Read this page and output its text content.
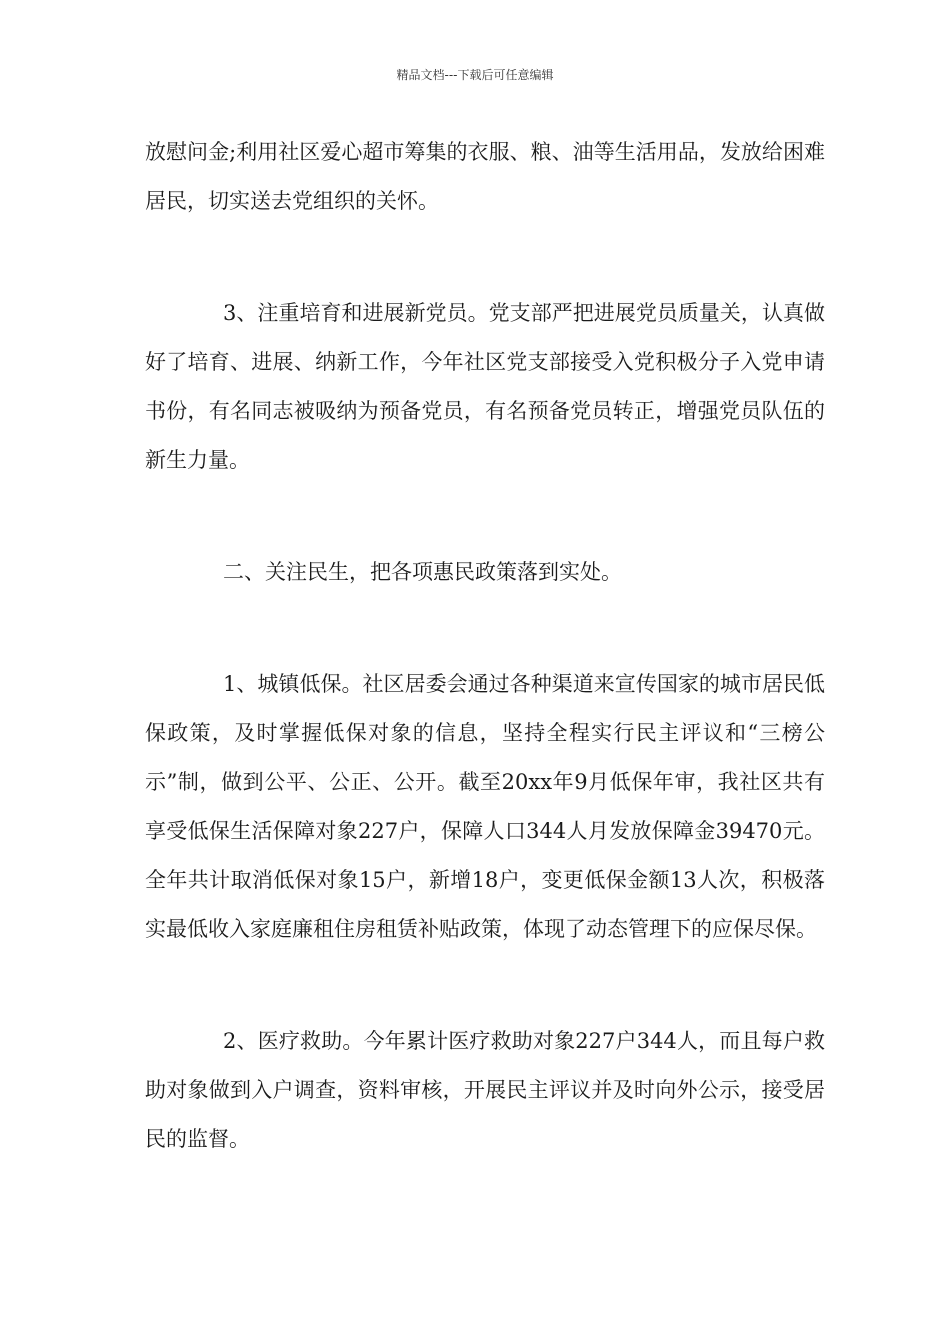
精品文档---下载后可任意编辑

放慰问金;利用社区爱心超市筹集的衣服、粮、油等生活用品，发放给困难居民，切实送去党组织的关怀。

3、注重培育和进展新党员。党支部严把进展党员质量关，认真做好了培育、进展、纳新工作，今年社区党支部接受入党积极分子入党申请书份，有名同志被吸纳为预备党员，有名预备党员转正，增强党员队伍的新生力量。

二、关注民生，把各项惠民政策落到实处。

1、城镇低保。社区居委会通过各种渠道来宣传国家的城市居民低保政策，及时掌握低保对象的信息，坚持全程实行民主评议和“三榜公示”制，做到公平、公正、公开。截至20xx年9月低保年审，我社区共有享受低保生活保障对象227户，保障人口344人月发放保障金39470元。全年共计取消低保对象15户，新增18户，变更低保金额13人次，积极落实最低收入家庭廉租住房租赁补贴政策，体现了动态管理下的应保尽保。

2、医疗救助。今年累计医疗救助对象227户344人，而且每户救助对象做到入户调查，资料审核，开展民主评议并及时向外公示，接受居民的监督。
